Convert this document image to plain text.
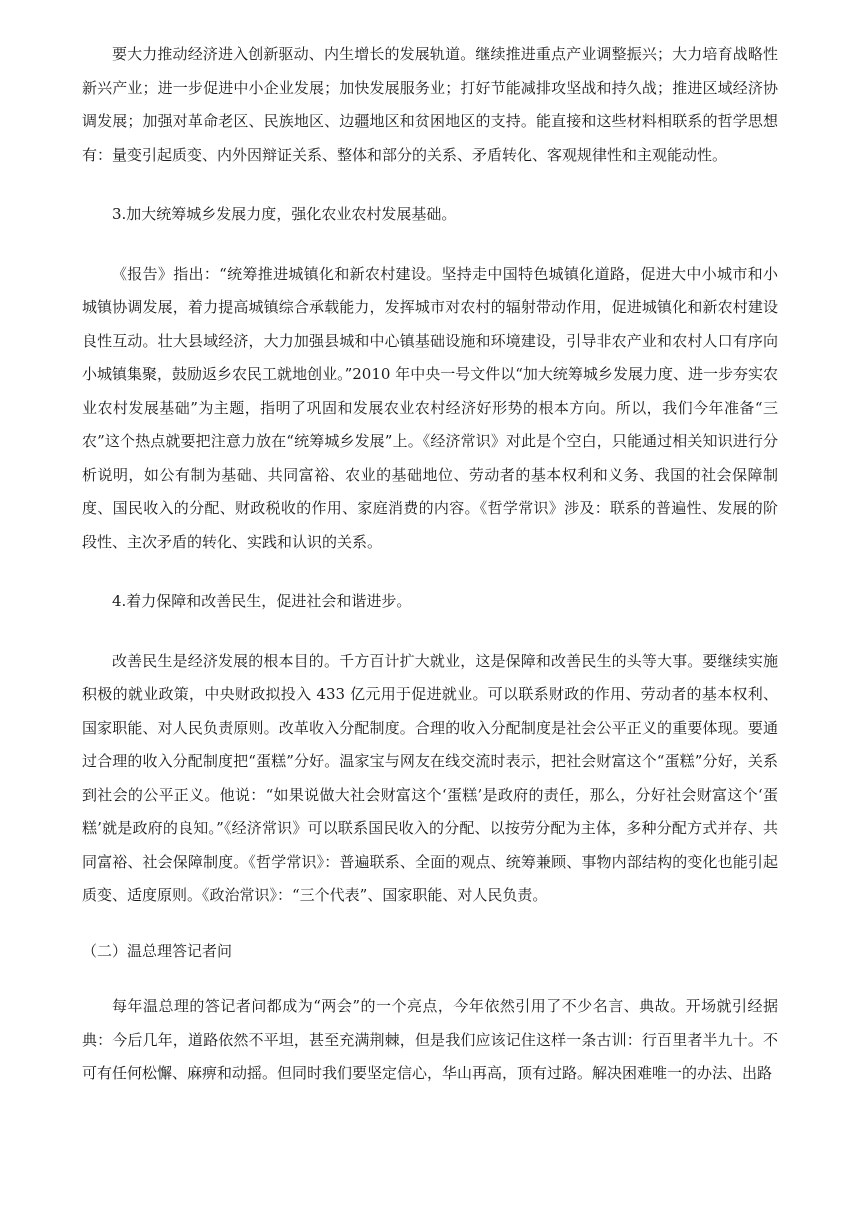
要大力推动经济进入创新驱动、内生增长的发展轨道。继续推进重点产业调整振兴；大力培育战略性新兴产业；进一步促进中小企业发展；加快发展服务业；打好节能减排攻坚战和持久战；推进区域经济协调发展；加强对革命老区、民族地区、边疆地区和贫困地区的支持。能直接和这些材料相联系的哲学思想有：量变引起质变、内外因辩证关系、整体和部分的关系、矛盾转化、客观规律性和主观能动性。

3.加大统筹城乡发展力度，强化农业农村发展基础。

《报告》指出：“统筹推进城镇化和新农村建设。坚持走中国特色城镇化道路，促进大中小城市和小城镇协调发展，着力提高城镇综合承载能力，发挥城市对农村的辐射带动作用，促进城镇化和新农村建设良性互动。壮大县域经济，大力加强县城和中心镇基础设施和环境建设，引导非农产业和农村人口有序向小城镇集聚，鼓励返乡农民工就地创业。”2010 年中央一号文件以“加大统筹城乡发展力度、进一步夯实农业农村发展基础”为主题，指明了巩固和发展农业农村经济好形势的根本方向。所以，我们今年准备“三农”这个热点就要把注意力放在“统筹城乡发展”上。《经济常识》对此是个空白，只能通过相关知识进行分析说明，如公有制为基础、共同富裕、农业的基础地位、劳动者的基本权利和义务、我国的社会保障制度、国民收入的分配、财政税收的作用、家庭消费的内容。《哲学常识》涉及：联系的普遍性、发展的阶段性、主次矛盾的转化、实践和认识的关系。

4.着力保障和改善民生，促进社会和谐进步。

改善民生是经济发展的根本目的。千方百计扩大就业，这是保障和改善民生的头等大事。要继续实施积极的就业政策，中央财政拟投入 433 亿元用于促进就业。可以联系财政的作用、劳动者的基本权利、国家职能、对人民负责原则。改革收入分配制度。合理的收入分配制度是社会公平正义的重要体现。要通过合理的收入分配制度把“蛋糕”分好。温家宝与网友在线交流时表示，把社会财富这个“蛋糕”分好，关系到社会的公平正义。他说：“如果说做大社会财富这个‘蛋糕’是政府的责任，那么，分好社会财富这个‘蛋糕’就是政府的良知。”《经济常识》可以联系国民收入的分配、以按劳分配为主体，多种分配方式并存、共同富裕、社会保障制度。《哲学常识》：普遍联系、全面的观点、统筹兼顾、事物内部结构的变化也能引起质变、适度原则。《政治常识》：“三个代表”、国家职能、对人民负责。

（二）温总理答记者问

每年温总理的答记者问都成为“两会”的一个亮点，今年依然引用了不少名言、典故。开场就引经据典：今后几年，道路依然不平坦，甚至充满荆棘，但是我们应该记住这样一条古训：行百里者半九十。不可有任何松懈、麻痹和动摇。但同时我们要坚定信心，华山再高，顶有过路。解决困难唯一的办法、出路
